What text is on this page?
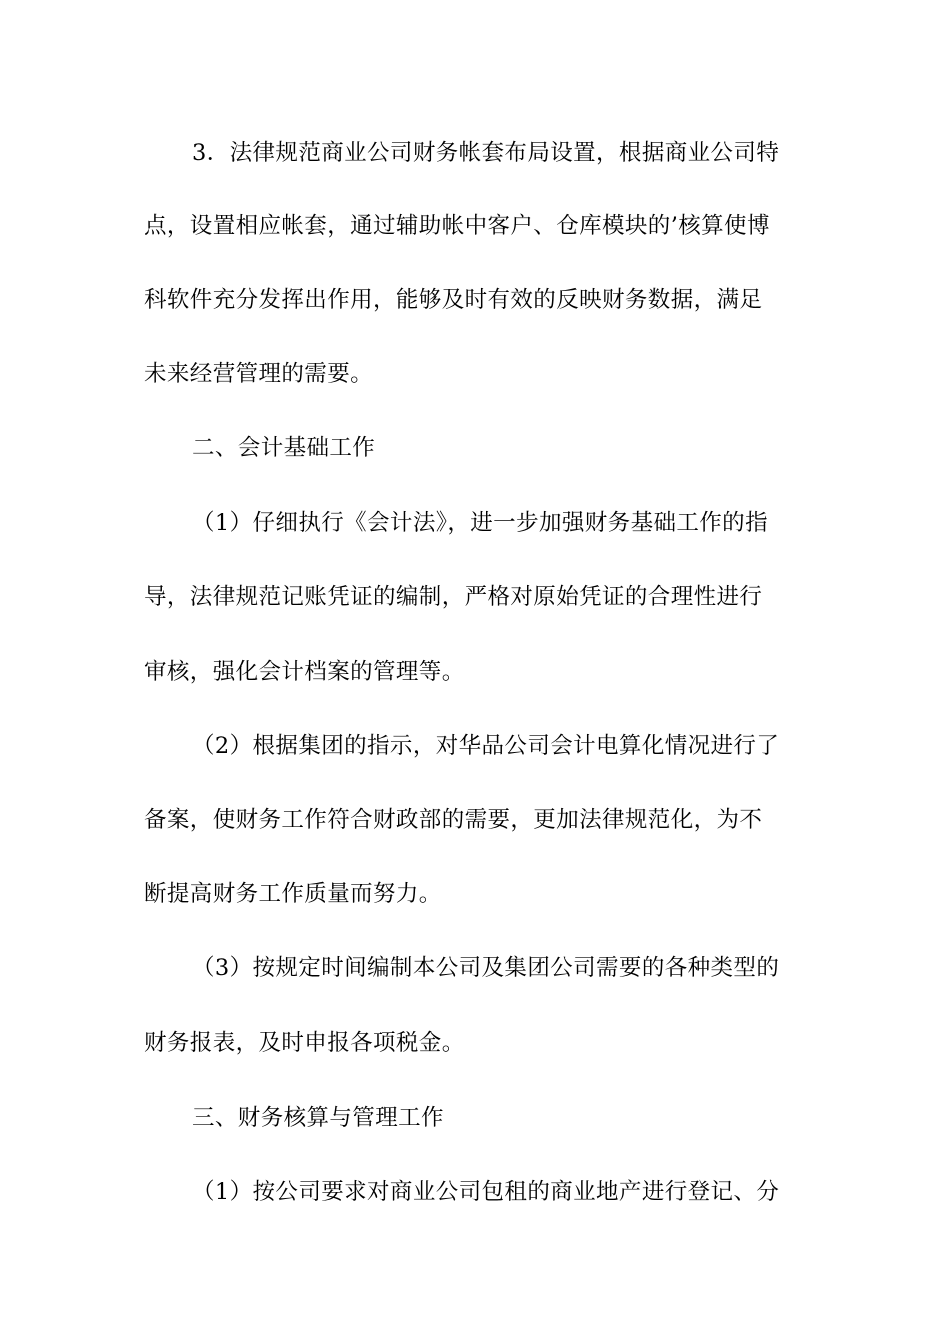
3．法律规范商业公司财务帐套布局设置，根据商业公司特
点，设置相应帐套，通过辅助帐中客户、仓库模块的’核算使博
科软件充分发挥出作用，能够及时有效的反映财务数据，满足
未来经营管理的需要。
二、会计基础工作
（1）仔细执行《会计法》，进一步加强财务基础工作的指
导，法律规范记账凭证的编制，严格对原始凭证的合理性进行
审核，强化会计档案的管理等。
（2）根据集团的指示，对华品公司会计电算化情况进行了
备案，使财务工作符合财政部的需要，更加法律规范化，为不
断提高财务工作质量而努力。
（3）按规定时间编制本公司及集团公司需要的各种类型的
财务报表，及时申报各项税金。
三、财务核算与管理工作
（1）按公司要求对商业公司包租的商业地产进行登记、分
